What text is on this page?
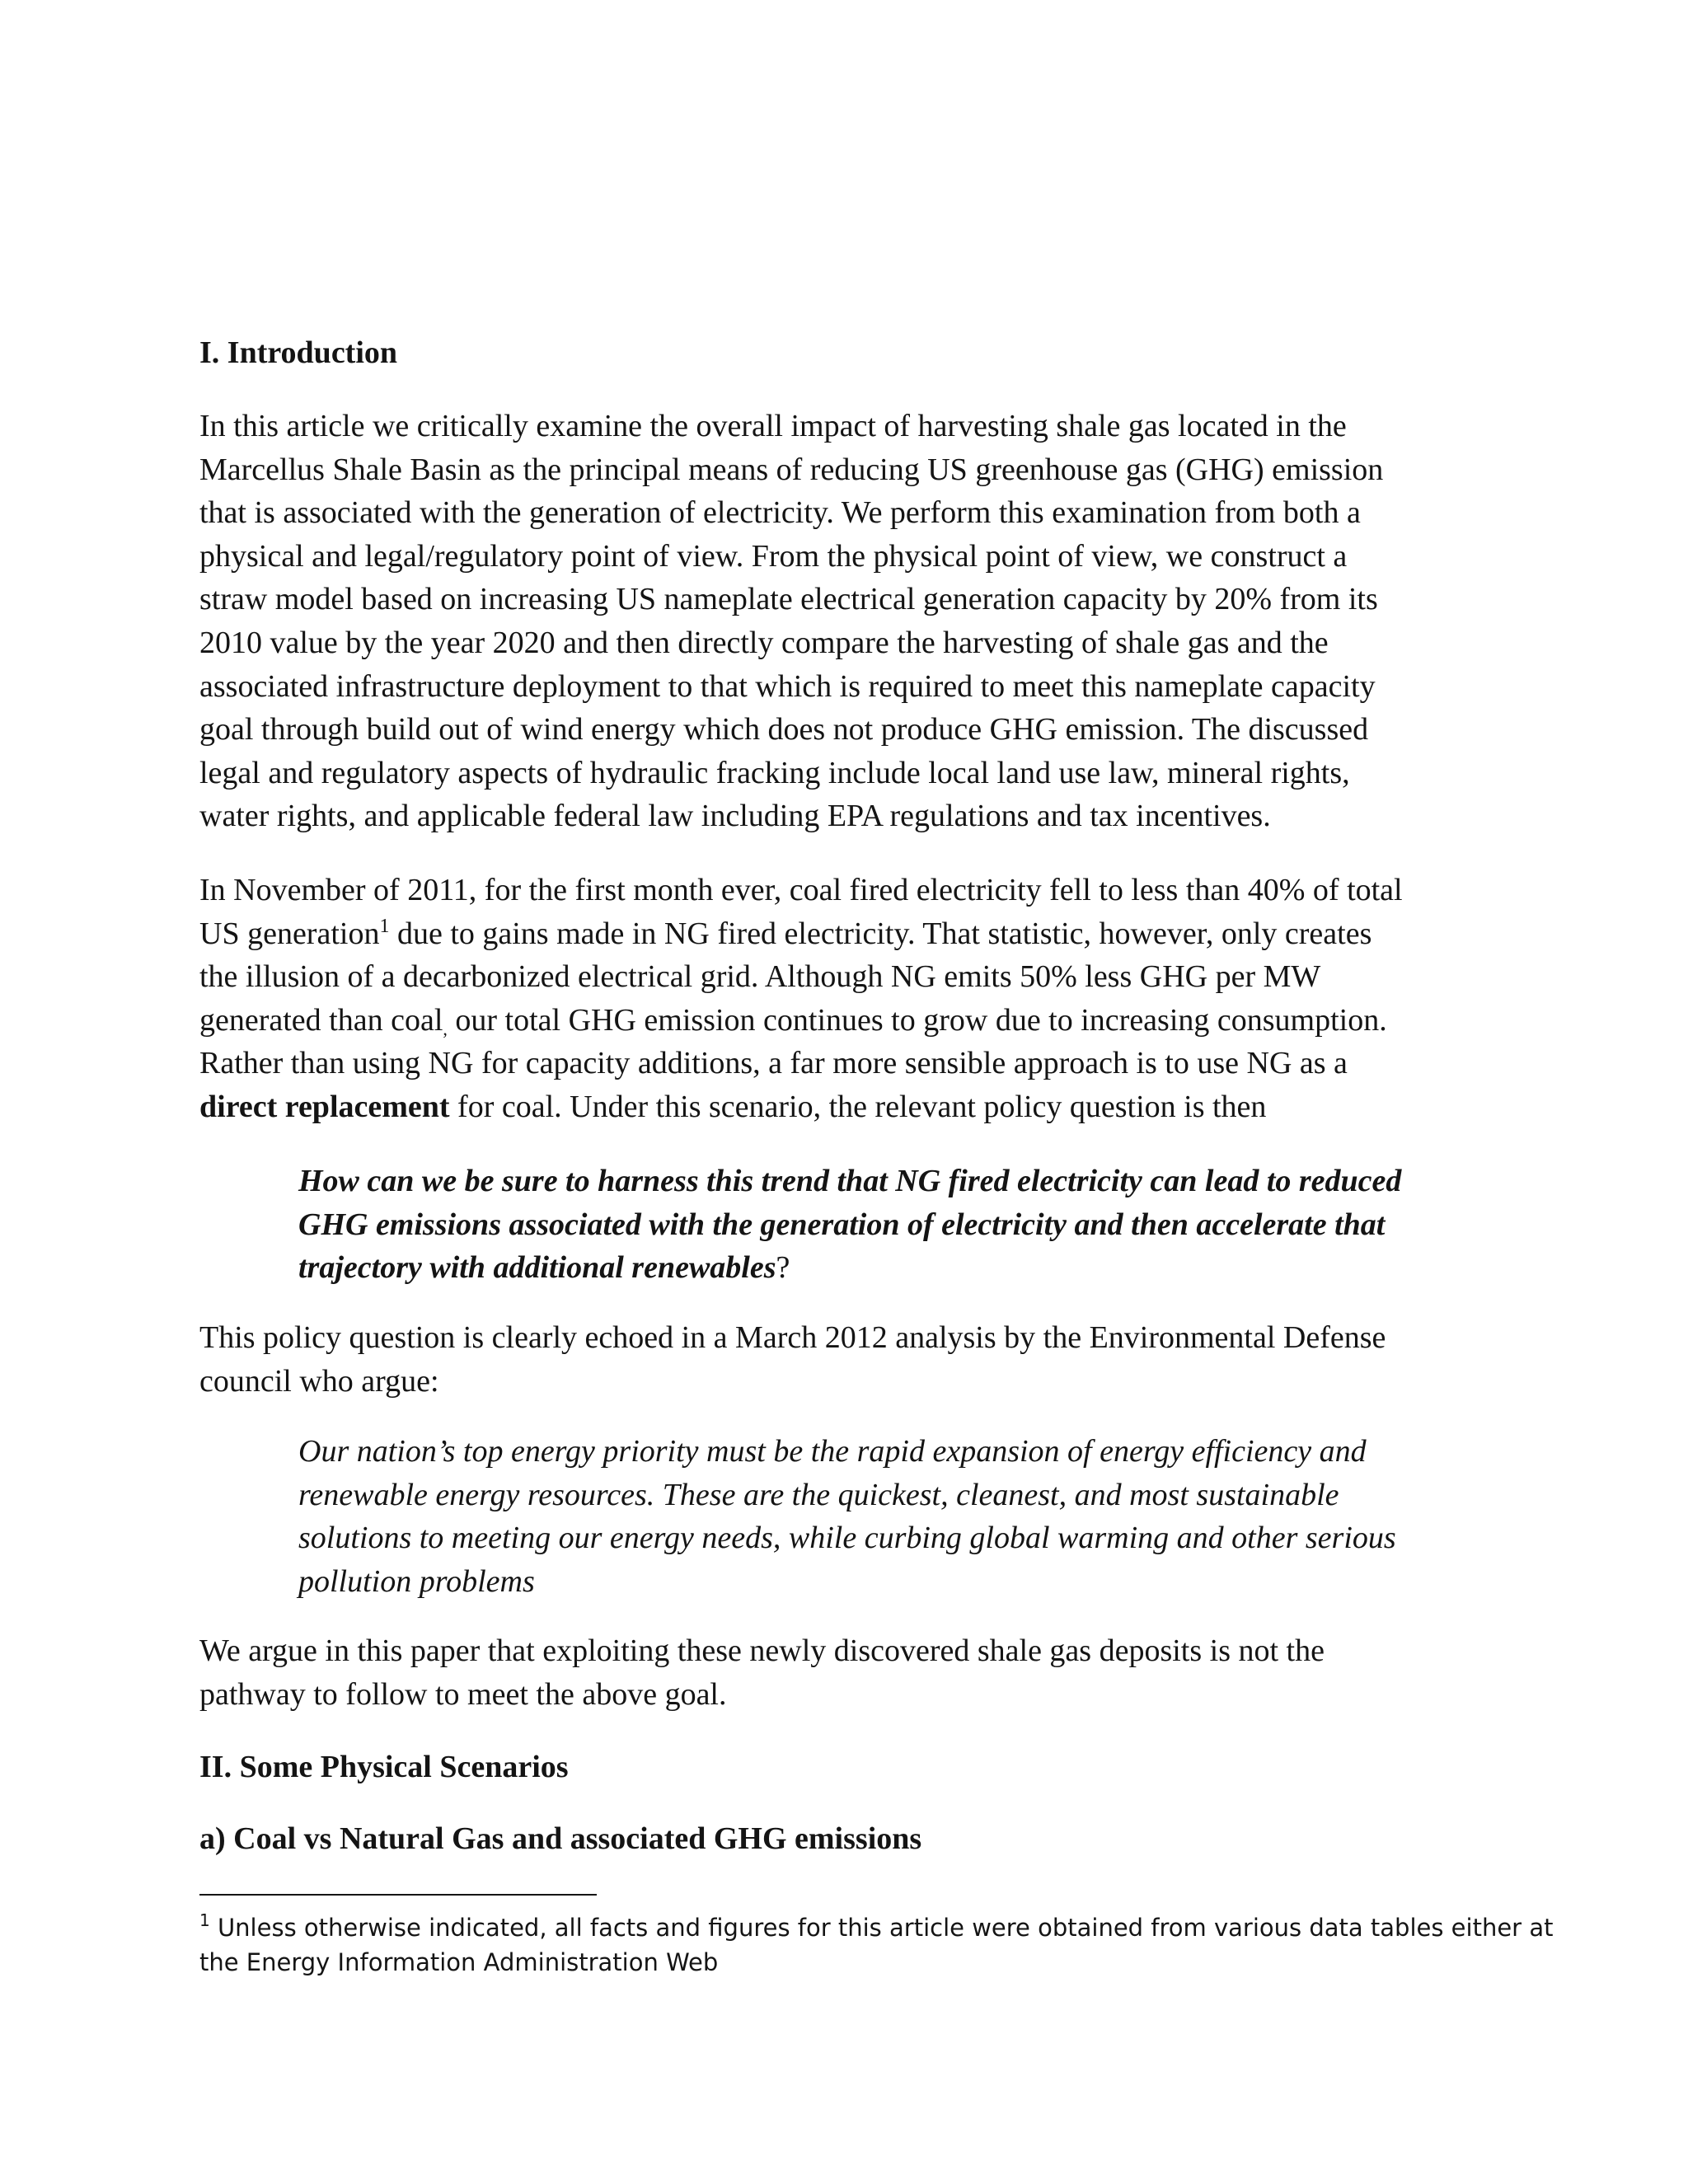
I. Introduction

In this article we critically examine the overall impact of harvesting shale gas located in the
Marcellus Shale Basin as the principal means of reducing US greenhouse gas (GHG) emission
that is associated with the generation of electricity. We perform this examination from both a
physical and legal/regulatory point of view. From the physical point of view, we construct a
straw model based on increasing US nameplate electrical generation capacity by 20% from its
2010 value by the year 2020 and then directly compare the harvesting of shale gas and the
associated infrastructure deployment to that which is required to meet this nameplate capacity
goal through build out of wind energy which does not produce GHG emission. The discussed
legal and regulatory aspects of hydraulic fracking include local land use law, mineral rights,
water rights, and applicable federal law including EPA regulations and tax incentives.

In November of 2011, for the first month ever, coal fired electricity fell to less than 40% of total
US generation$^1$ due to gains made in NG fired electricity. That statistic, however, only creates
the illusion of a decarbonized electrical grid. Although NG emits 50% less GHG per MW
generated than coal, our total GHG emission continues to grow due to increasing consumption.
Rather than using NG for capacity additions, a far more sensible approach is to use NG as a
direct replacement for coal. Under this scenario, the relevant policy question is then

How can we be sure to harness this trend that NG fired electricity can lead to reduced
GHG emissions associated with the generation of electricity and then accelerate that
trajectory with additional renewables?

This policy question is clearly echoed in a March 2012 analysis by the Environmental Defense
council who argue:

Our nation’s top energy priority must be the rapid expansion of energy efficiency and
renewable energy resources. These are the quickest, cleanest, and most sustainable
solutions to meeting our energy needs, while curbing global warming and other serious
pollution problems

We argue in this paper that exploiting these newly discovered shale gas deposits is not the
pathway to follow to meet the above goal.

II. Some Physical Scenarios
a) Coal vs Natural Gas and associated GHG emissions
$^1$ Unless otherwise indicated, all facts and figures for this article were obtained from various data tables either at
the Energy Information Administration Web
